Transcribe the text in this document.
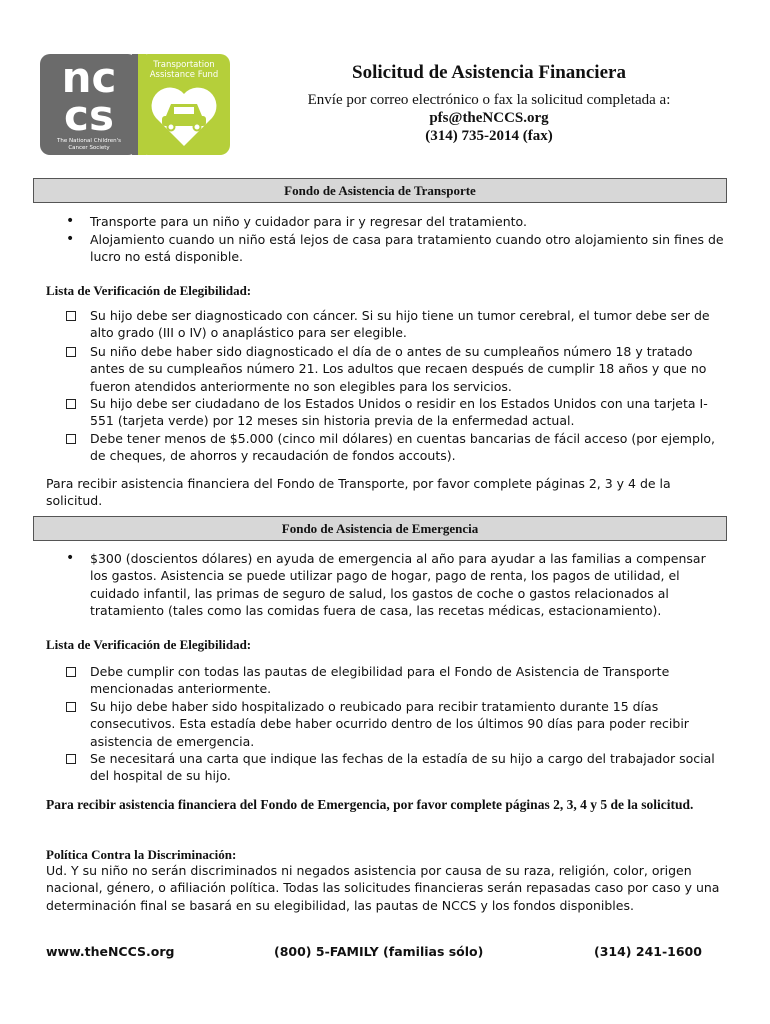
nc
cs
The National Children's
Cancer Society
Transportation
Assistance Fund	Solicitud de Asistencia Financiera
Envíe por correo electrónico o fax la solicitud completada a:
pfs@theNCCS.org
(314) 735-2014 (fax)
Fondo de Asistencia de Transporte
•	Transporte para un niño y cuidador para ir y regresar del tratamiento.
•	Alojamiento cuando un niño está lejos de casa para tratamiento cuando otro alojamiento sin fines de lucro no está disponible.
Lista de Verificación de Elegibilidad:
Su hijo debe ser diagnosticado con cáncer. Si su hijo tiene un tumor cerebral, el tumor debe ser de alto grado (III o IV) o anaplástico para ser elegible.
Su niño debe haber sido diagnosticado el día de o antes de su cumpleaños número 18 y tratado antes de su cumpleaños número 21. Los adultos que recaen después de cumplir 18 años y que no fueron atendidos anteriormente no son elegibles para los servicios.
Su hijo debe ser ciudadano de los Estados Unidos o residir en los Estados Unidos con una tarjeta I-551 (tarjeta verde) por 12 meses sin historia previa de la enfermedad actual.
Debe tener menos de $5.000 (cinco mil dólares) en cuentas bancarias de fácil acceso (por ejemplo, de cheques, de ahorros y recaudación de fondos accouts).
Para recibir asistencia financiera del Fondo de Transporte, por favor complete páginas 2, 3 y 4 de la solicitud.
Fondo de Asistencia de Emergencia
•	$300 (doscientos dólares) en ayuda de emergencia al año para ayudar a las familias a compensar los gastos. Asistencia se puede utilizar pago de hogar, pago de renta, los pagos de utilidad, el cuidado infantil, las primas de seguro de salud, los gastos de coche o gastos relacionados al tratamiento (tales como las comidas fuera de casa, las recetas médicas, estacionamiento).
Lista de Verificación de Elegibilidad:
Debe cumplir con todas las pautas de elegibilidad para el Fondo de Asistencia de Transporte mencionadas anteriormente.
Su hijo debe haber sido hospitalizado o reubicado para recibir tratamiento durante 15 días consecutivos. Esta estadía debe haber ocurrido dentro de los últimos 90 días para poder recibir asistencia de emergencia.
Se necesitará una carta que indique las fechas de la estadía de su hijo a cargo del trabajador social del hospital de su hijo.
Para recibir asistencia financiera del Fondo de Emergencia, por favor complete páginas 2, 3, 4 y 5 de la solicitud.
Política Contra la Discriminación:
Ud. Y su niño no serán discriminados ni negados asistencia por causa de su raza, religión, color, origen nacional, género, o afiliación política. Todas las solicitudes financieras serán repasadas caso por caso y una determinación final se basará en su elegibilidad, las pautas de NCCS y los fondos disponibles.
www.theNCCS.org	(800) 5-FAMILY (familias sólo)	(314) 241-1600
